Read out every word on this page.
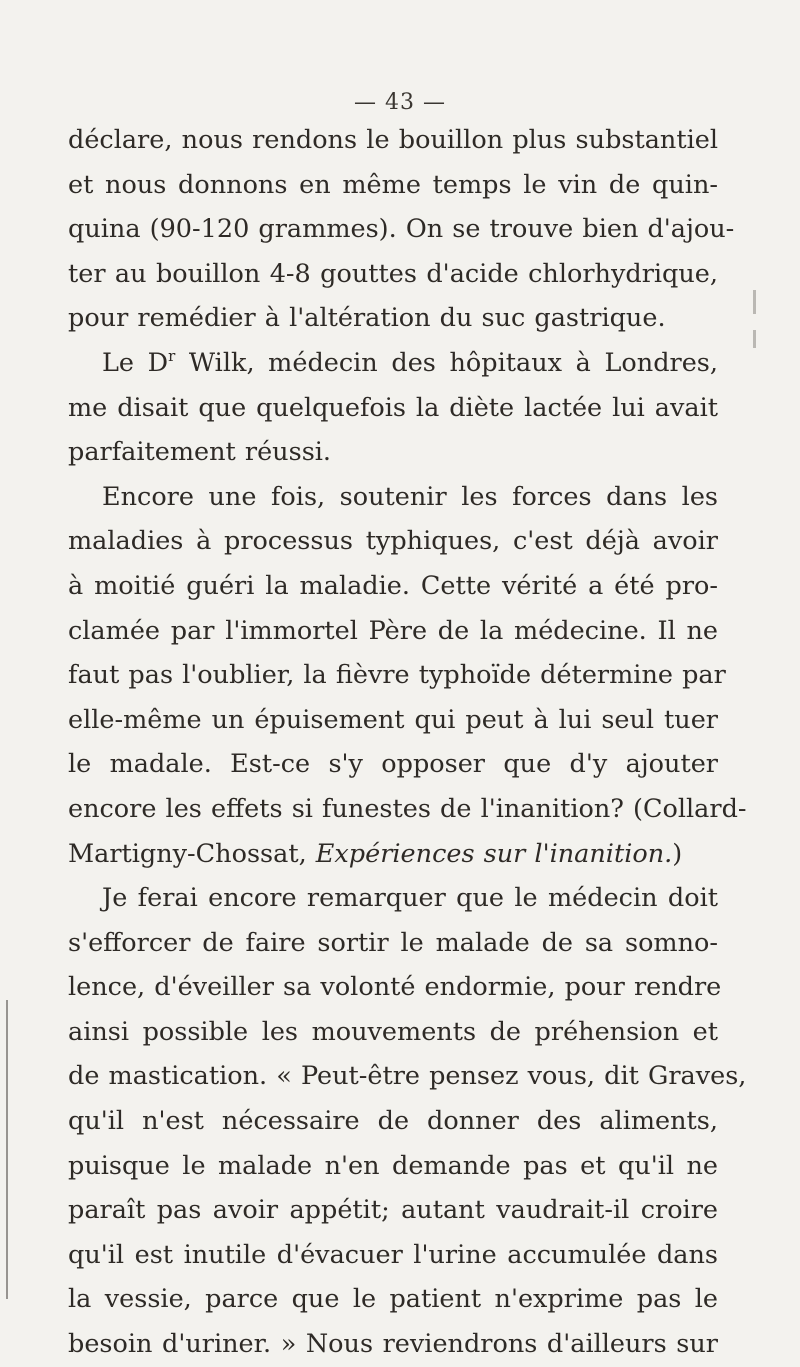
— 43 —
déclare, nous rendons le bouillon plus substantiel
et nous donnons en même temps le vin de quin-
quina (90-120 grammes). On se trouve bien d'ajou-
ter au bouillon 4-8 gouttes d'acide chlorhydrique,
pour remédier à l'altération du suc gastrique.
Le $D^r$ Wilk, médecin des hôpitaux à Londres,
me disait que quelquefois la diète lactée lui avait
parfaitement réussi.
Encore une fois, soutenir les forces dans les
maladies à processus typhiques, c'est déjà avoir
à moitié guéri la maladie. Cette vérité a été pro-
clamée par l'immortel Père de la médecine. Il ne
faut pas l'oublier, la fièvre typhoïde détermine par
elle-même un épuisement qui peut à lui seul tuer
le madale. Est-ce s'y opposer que d'y ajouter
encore les effets si funestes de l'inanition? (Collard-
Martigny-Chossat, Expériences sur l'inanition.)
Je ferai encore remarquer que le médecin doit
s'efforcer de faire sortir le malade de sa somno-
lence, d'éveiller sa volonté endormie, pour rendre
ainsi possible les mouvements de préhension et
de mastication. « Peut-être pensez vous, dit Graves,
qu'il n'est nécessaire de donner des aliments,
puisque le malade n'en demande pas et qu'il ne
paraît pas avoir appétit; autant vaudrait-il croire
qu'il est inutile d'évacuer l'urine accumulée dans
la vessie, parce que le patient n'exprime pas le
besoin d'uriner. » Nous reviendrons d'ailleurs sur
